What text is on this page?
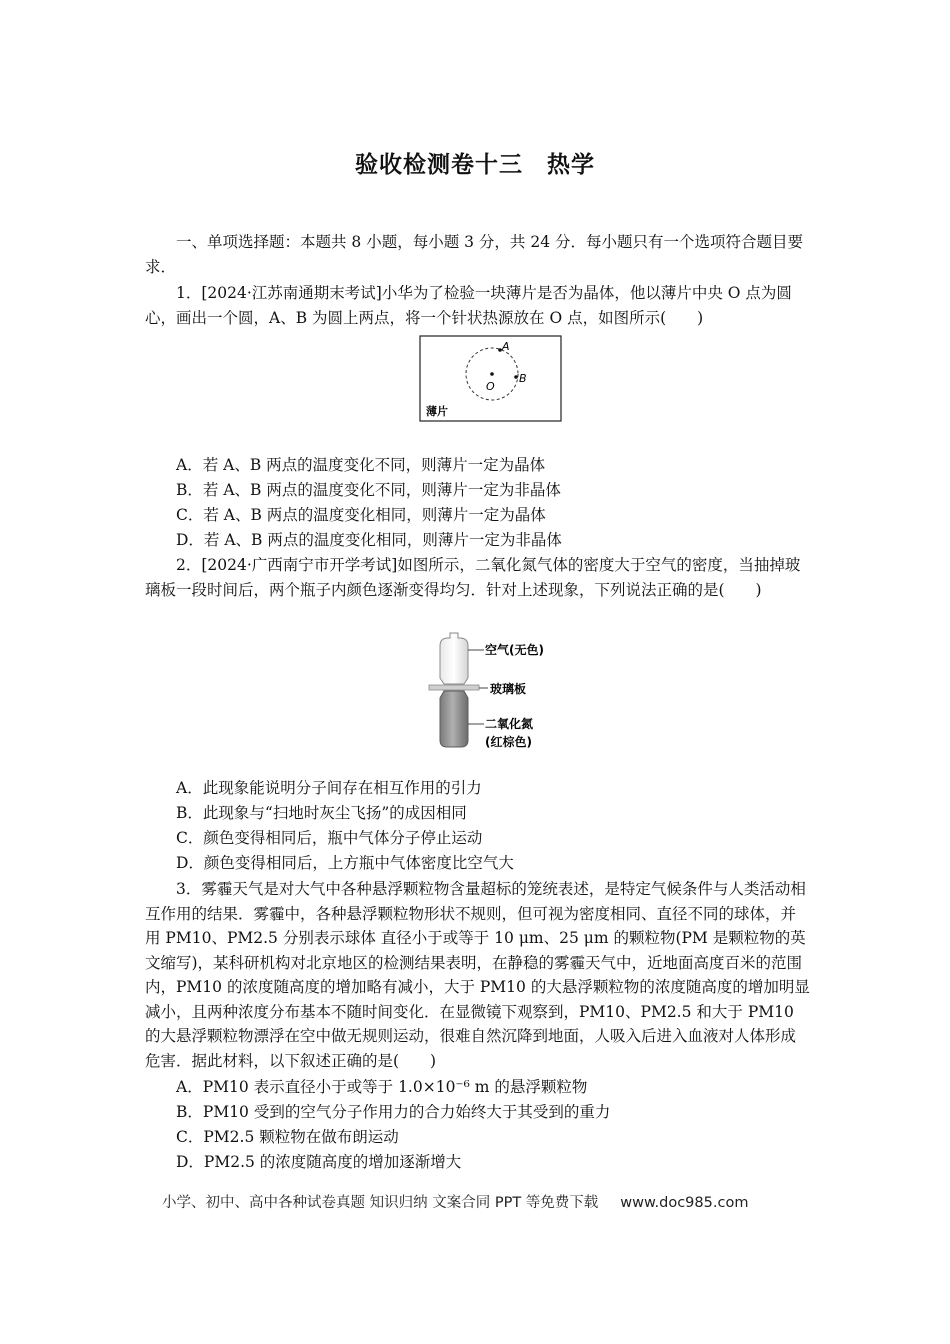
验收检测卷十三　热学
一、单项选择题：本题共 8 小题，每小题 3 分，共 24 分．每小题只有一个选项符合题目要求．
1．[2024·江苏南通期末考试]小华为了检验一块薄片是否为晶体，他以薄片中央 O 点为圆心，画出一个圆，A、B 为圆上两点，将一个针状热源放在 O 点，如图所示(　　)
A
B
O
薄片
A．若 A、B 两点的温度变化不同，则薄片一定为晶体
B．若 A、B 两点的温度变化不同，则薄片一定为非晶体
C．若 A、B 两点的温度变化相同，则薄片一定为晶体
D．若 A、B 两点的温度变化相同，则薄片一定为非晶体
2．[2024·广西南宁市开学考试]如图所示，二氧化氮气体的密度大于空气的密度，当抽掉玻璃板一段时间后，两个瓶子内颜色逐渐变得均匀．针对上述现象，下列说法正确的是(　　)
空气(无色)
玻璃板
二氧化氮
(红棕色)
A．此现象能说明分子间存在相互作用的引力
B．此现象与“扫地时灰尘飞扬”的成因相同
C．颜色变得相同后，瓶中气体分子停止运动
D．颜色变得相同后，上方瓶中气体密度比空气大
3．雾霾天气是对大气中各种悬浮颗粒物含量超标的笼统表述，是特定气候条件与人类活动相互作用的结果．雾霾中，各种悬浮颗粒物形状不规则，但可视为密度相同、直径不同的球体，并用 PM10、PM2.5 分别表示球体 直径小于或等于 10 μm、25 μm 的颗粒物(PM 是颗粒物的英文缩写)，某科研机构对北京地区的检测结果表明，在静稳的雾霾天气中，近地面高度百米的范围内，PM10 的浓度随高度的增加略有减小，大于 PM10 的大悬浮颗粒物的浓度随高度的增加明显减小，且两种浓度分布基本不随时间变化．在显微镜下观察到，PM10、PM2.5 和大于 PM10 的大悬浮颗粒物漂浮在空中做无规则运动，很难自然沉降到地面，人吸入后进入血液对人体形成危害．据此材料，以下叙述正确的是(　　)
A．PM10 表示直径小于或等于 1.0×10⁻⁶ m 的悬浮颗粒物
B．PM10 受到的空气分子作用力的合力始终大于其受到的重力
C．PM2.5 颗粒物在做布朗运动
D．PM2.5 的浓度随高度的增加逐渐增大
小学、初中、高中各种试卷真题 知识归纳 文案合同 PPT 等免费下载 www.doc985.com
